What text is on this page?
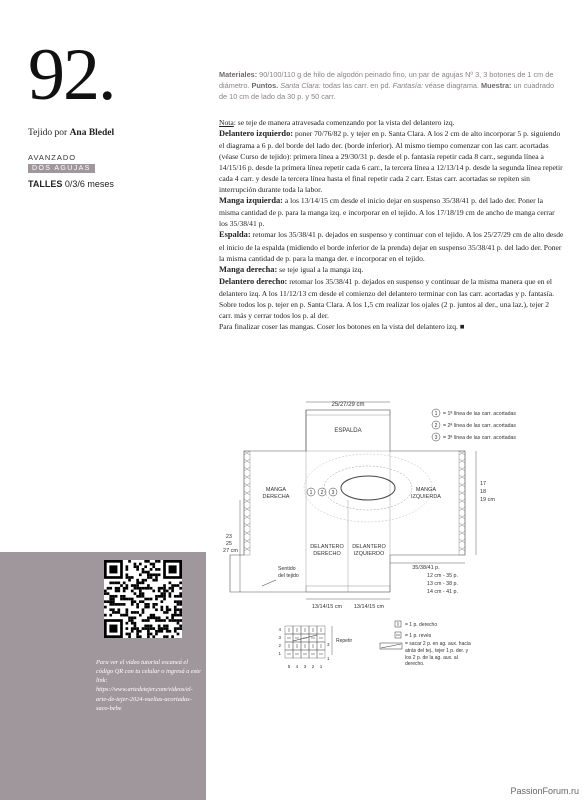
92.
Tejido por Ana Bledel
AVANZADO
DOS AGUJAS
TALLES 0/3/6 meses
Para ver el video tutorial escaneá el código QR con tu celular o ingresá a este link: https://www.artedetejer.com/videos/el-arte-de-tejer-2024-vueltas-acortadas-saco-bebe
Materiales: 90/100/110 g de hilo de algodón peinado fino, un par de agujas Nº 3, 3 botones de 1 cm de diámetro. Puntos. Santa Clara: todas las carr. en pd. Fantasía: véase diagrama. Muestra: un cuadrado de 10 cm de lado da 30 p. y 50 carr.

Nota: se teje de manera atravesada comenzando por la vista del delantero izq.

Delantero izquierdo: poner 70/76/82 p. y tejer en p. Santa Clara. A los 2 cm de alto incorporar 5 p. siguiendo el diagrama a 6 p. del borde del lado der. (borde inferior). Al mismo tiempo comenzar con las carr. acortadas (véase Curso de tejido): primera línea a 29/30/31 p. desde el p. fantasía repetir cada 8 carr., segunda línea a 14/15/16 p. desde la primera línea repetir cada 6 carr., la tercera línea a 12/13/14 p. desde la segunda línea repetir cada 4 carr. y desde la tercera línea hasta el final repetir cada 2 carr. Estas carr. acortadas se repiten sin interrupción durante toda la labor.

Manga izquierda: a los 13/14/15 cm desde el inicio dejar en suspenso 35/38/41 p. del lado der. Poner la misma cantidad de p. para la manga izq. e incorporar en el tejido. A los 17/18/19 cm de ancho de manga cerrar los 35/38/41 p.

Espalda: retomar los 35/38/41 p. dejados en suspenso y continuar con el tejido. A los 25/27/29 cm de alto desde el inicio de la espalda (midiendo el borde inferior de la prenda) dejar en suspenso 35/38/41 p. del lado der. Poner la misma cantidad de p. para la manga der. e incorporar en el tejido.

Manga derecha: se teje igual a la manga izq.

Delantero derecho: retomar los 35/38/41 p. dejados en suspenso y continuar de la misma manera que en el delantero izq. A los 11/12/13 cm desde el comienzo del delantero terminar con las carr. acortadas y p. fantasía. Sobre todos los p. tejer en p. Santa Clara. A los 1,5 cm realizar los ojales (2 p. juntos al der., una laz.), tejer 2 carr. más y cerrar todos los p. al der.

Para finalizar coser las mangas. Coser los botones en la vista del delantero izq. ■

25/27/29 cm
ESPALDA
MANGA
DERECHA
MANGA
IZQUIERDA
DELANTERO
DERECHO
DELANTERO
IZQUIERDO
1 2 3
1 = 1ª línea de las carr. acortadas
2 = 2ª línea de las carr. acortadas
3 = 3ª línea de las carr. acortadas
17
18
19 cm
35/38/41 p.
12 cm - 35 p.
13 cm - 38 p.
14 cm - 41 p.
23
25
27 cm
Sentido
del tejido
13/14/15 cm 13/14/15 cm
4
3
2
1
3
1
5 4 3 2 1
Repetir
= 1 p. derecho
= 1 p. revés
= sacar 2 p. en ag. aux. hacia atrás del tej., tejer 1 p. der. y los 2 p. de la ag. aux. al derecho.
PassionForum.ru
